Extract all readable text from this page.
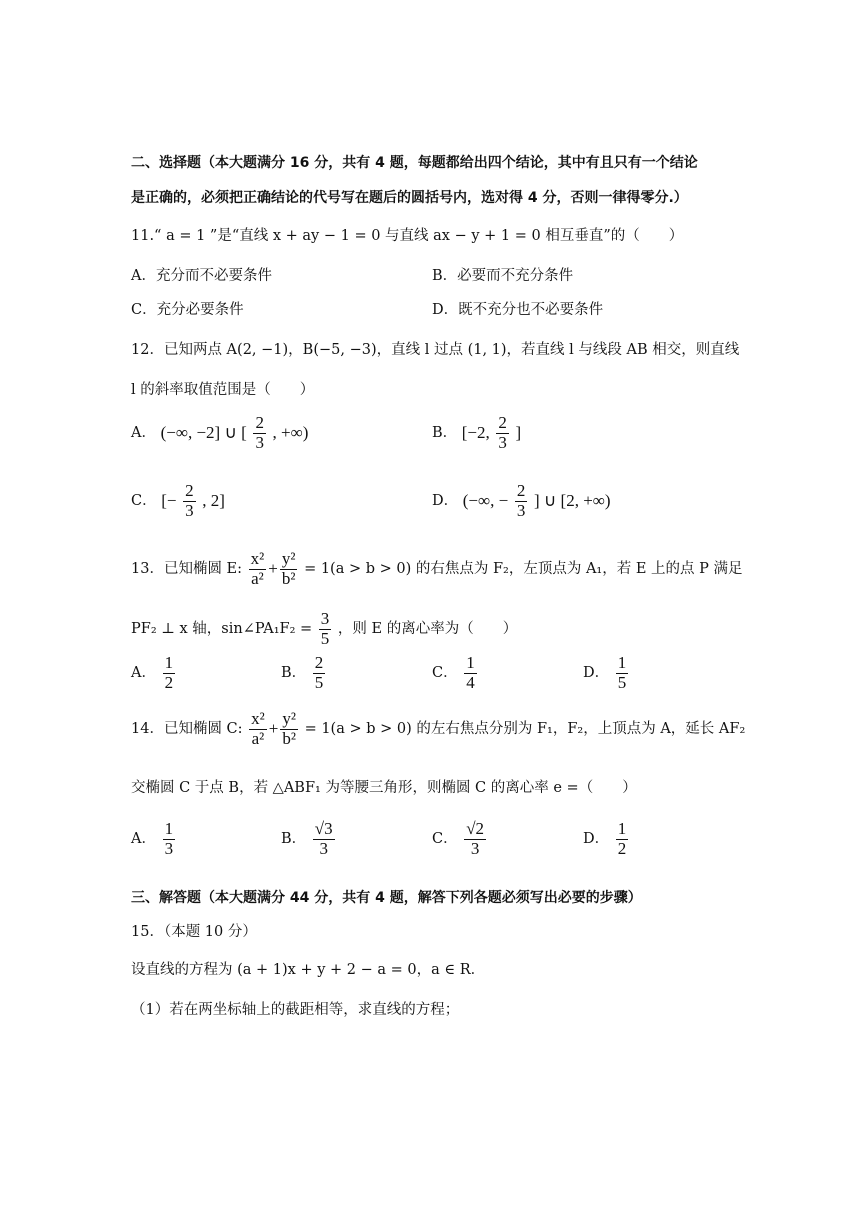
二、选择题（本大题满分 16 分，共有 4 题，每题都给出四个结论，其中有且只有一个结论
是正确的，必须把正确结论的代号写在题后的圆括号内，选对得 4 分，否则一律得零分.）
11.“ a = 1 ”是“直线 x + ay − 1 = 0 与直线 ax − y + 1 = 0 相互垂直”的（　　）
A．充分而不必要条件	B．必要而不充分条件
C．充分必要条件	D．既不充分也不必要条件
12．已知两点 A(2, −1)，B(−5, −3)，直线 l 过点 (1, 1)，若直线 l 与线段 AB 相交，则直线
l 的斜率取值范围是（　　）
A． (−∞, −2] ∪ [ $\frac{2}{3}$ , +∞)	B． [−2, $\frac{2}{3}$ ]
C． [− $\frac{2}{3}$ , 2]	D． (−∞, − $\frac{2}{3}$ ] ∪ [2, +∞)
13．已知椭圆 E: $\frac{\text{x²}}{\text{a²}} + \frac{\text{y²}}{\text{b²}} = 1(a > b > 0)$ 的右焦点为 F₂，左顶点为 A₁，若 E 上的点 P 满足
PF₂ ⊥ x 轴，sin∠PA₁F₂ = $\frac{3}{5}$ ，则 E 的离心率为（　　）
A． $\frac{1}{2}$	B． $\frac{2}{5}$	C． $\frac{1}{4}$	D． $\frac{1}{5}$
14．已知椭圆 C: $\frac{\text{x²}}{\text{a²}} + \frac{\text{y²}}{\text{b²}} = 1(a > b > 0)$ 的左右焦点分别为 F₁，F₂，上顶点为 A，延长 AF₂
交椭圆 C 于点 B，若 △ABF₁ 为等腰三角形，则椭圆 C 的离心率 e =（　　）
A． $\frac{1}{3}$	B． $\frac{√3}{3}$	C． $\frac{√2}{3}$	D． $\frac{1}{2}$
三、解答题（本大题满分 44 分，共有 4 题，解答下列各题必须写出必要的步骤）
15．（本题 10 分）
设直线的方程为 (a + 1)x + y + 2 − a = 0，a ∈ R．
（1）若在两坐标轴上的截距相等，求直线的方程；
